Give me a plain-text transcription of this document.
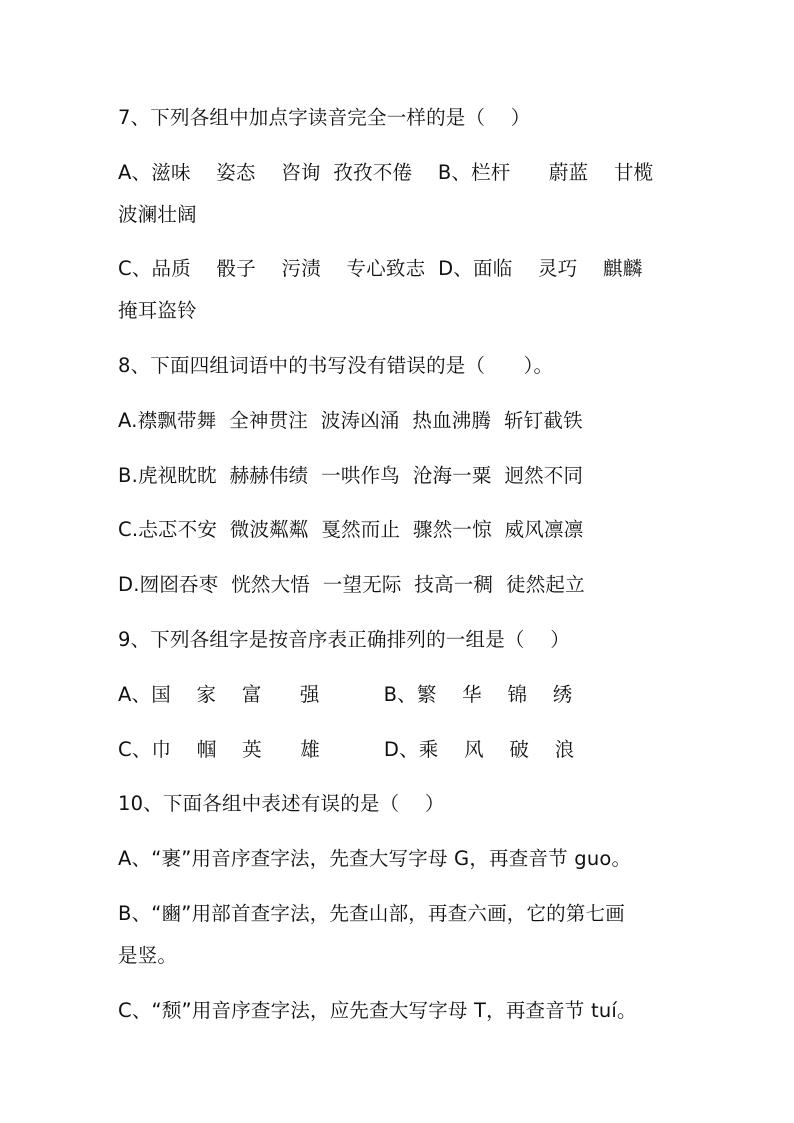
7、下列各组中加点字读音完全一样的是（    ）
A、滋味    姿态    咨询  孜孜不倦    B、栏杆      蔚蓝    甘榄
波澜壮阔
C、品质    骰子    污渍    专心致志  D、面临    灵巧    麒麟
掩耳盗铃
8、下面四组词语中的书写没有错误的是（      ）。
A.襟飘带舞  全神贯注  波涛凶涌  热血沸腾  斩钉截铁
B.虎视眈眈  赫赫伟绩  一哄作鸟  沧海一粟  迥然不同
C.忐忑不安  微波粼粼  戛然而止  骤然一惊  威风凛凛
D.囫囵吞枣  恍然大悟  一望无际  技高一稠  徒然起立
9、下列各组字是按音序表正确排列的一组是（    ）
A、国    家    富      强          B、繁    华    锦    绣
C、巾    帼    英      雄          D、乘    风    破    浪
10、下面各组中表述有误的是（    ）
A、“裹”用音序查字法，先查大写字母 G，再查音节 guo。
B、“豳”用部首查字法，先查山部，再查六画，它的第七画
是竖。
C、“颓”用音序查字法，应先查大写字母 T，再查音节 tuí。
